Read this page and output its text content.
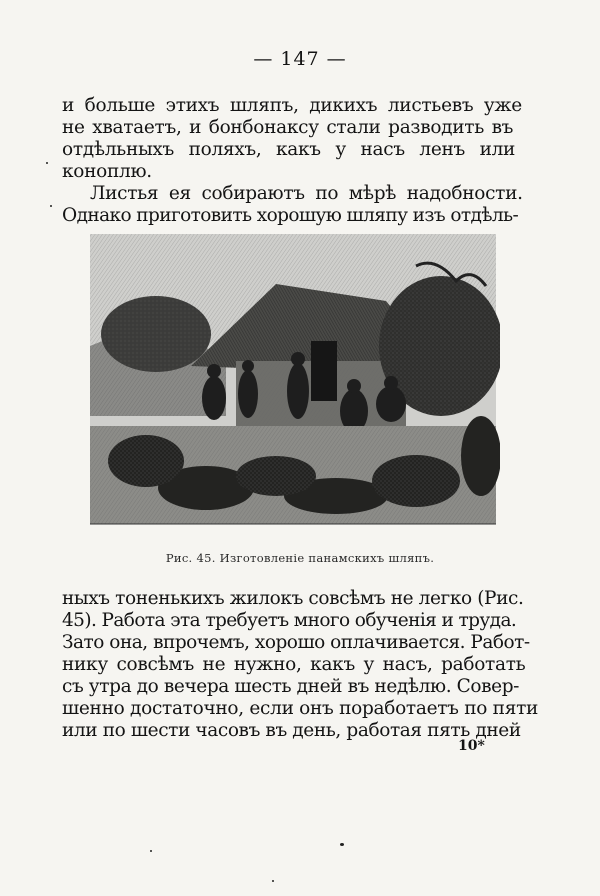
— 147 —
и больше этихъ шляпъ, дикихъ листьевъ уже
не хватаетъ, и бонбонаксу стали разводить въ
отдѣльныхъ поляхъ, какъ у насъ ленъ или
коноплю.
Листья ея собираютъ по мѣрѣ надобности.
Однако приготовить хорошую шляпу изъ отдѣль-
Рис. 45. Изготовленіе панамскихъ шляпъ.
ныхъ тоненькихъ жилокъ совсѣмъ не легко (Рис.
45). Работа эта требуетъ много обученія и труда.
Зато она, впрочемъ, хорошо оплачивается. Работ-
нику совсѣмъ не нужно, какъ у насъ, работать
съ утра до вечера шесть дней въ недѣлю. Совер-
шенно достаточно, если онъ поработаетъ по пяти
или по шести часовъ въ день, работая пять дней
10*
